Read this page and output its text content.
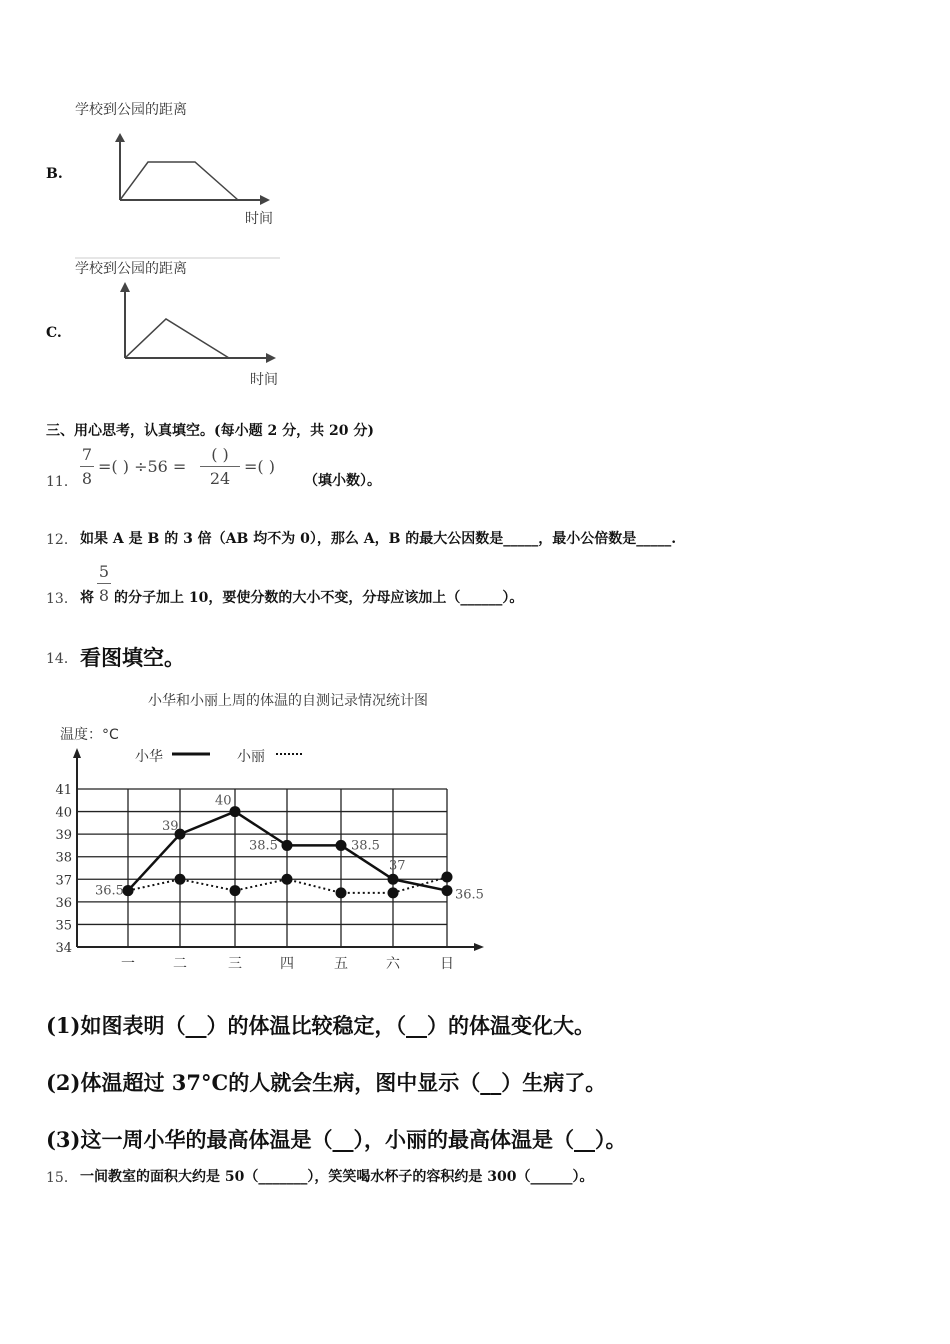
B.
学校到公园的距离
时间
C.
学校到公园的距离
时间
三、用心思考，认真填空。(每小题 2 分，共 20 分)
11．
7
8
=( ) ÷56 =
( )
24
=( )
（填小数）。
12． 如果 A 是 B 的 3 倍（AB 均不为 0），那么 A，B 的最大公因数是_____，最小公倍数是_____.
13． 将
5
8 的分子加上 10，要使分数的大小不变，分母应该加上（______）。
14． 看图填空。
小华和小丽上周的体温的自测记录情况统计图
温度：°C
小华	小丽
34
35
36
37
38
39
40
41
一	二	三	四	五	六	日
36.5
39
40
38.5	38.5
37
36.5
(1)如图表明（__）的体温比较稳定，（__）的体温变化大。
(2)体温超过 37°C的人就会生病，图中显示（__）生病了。
(3)这一周小华的最高体温是（__），小丽的最高体温是（__）。
15． 一间教室的面积大约是 50（_______），笑笑喝水杯子的容积约是 300（______）。
